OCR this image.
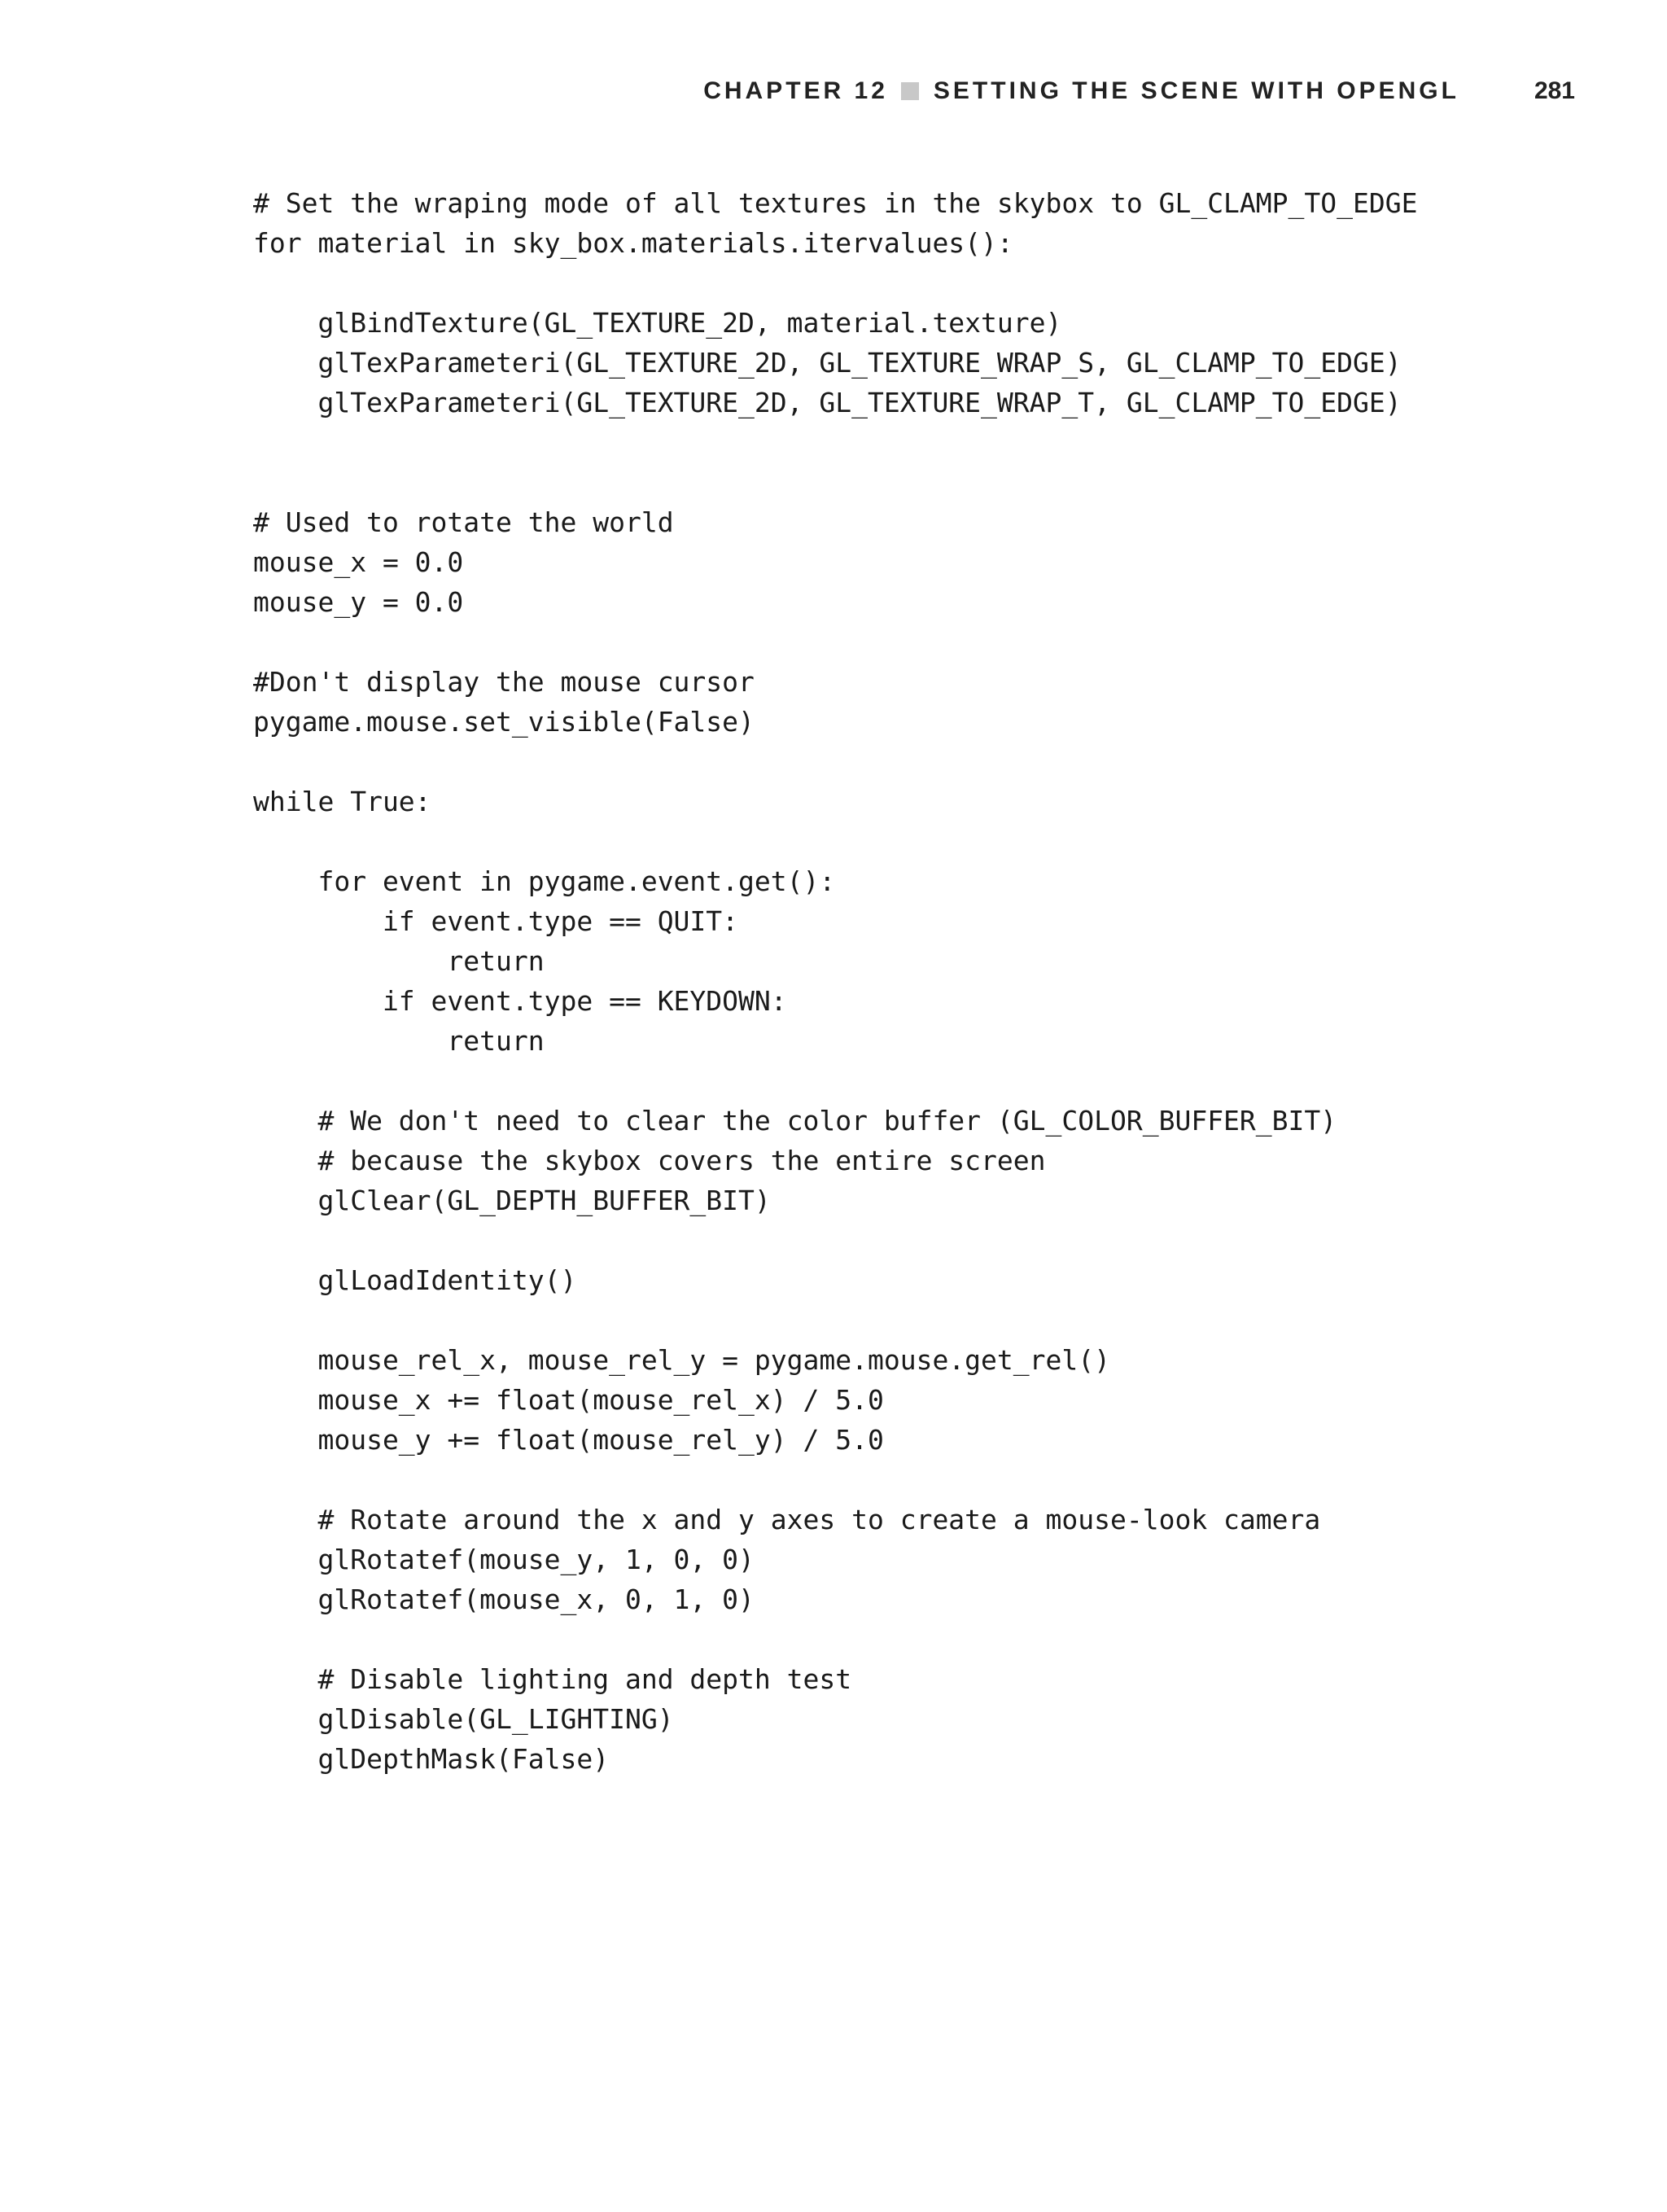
CHAPTER 12 SETTING THE SCENE WITH OPENGL	281
# Set the wraping mode of all textures in the skybox to GL_CLAMP_TO_EDGE
for material in sky_box.materials.itervalues():
glBindTexture(GL_TEXTURE_2D, material.texture)
glTexParameteri(GL_TEXTURE_2D, GL_TEXTURE_WRAP_S, GL_CLAMP_TO_EDGE)
glTexParameteri(GL_TEXTURE_2D, GL_TEXTURE_WRAP_T, GL_CLAMP_TO_EDGE)
# Used to rotate the world
mouse_x = 0.0
mouse_y = 0.0
#Don't display the mouse cursor
pygame.mouse.set_visible(False)
while True:
for event in pygame.event.get():
if event.type == QUIT:
return
if event.type == KEYDOWN:
return
# We don't need to clear the color buffer (GL_COLOR_BUFFER_BIT)
# because the skybox covers the entire screen
glClear(GL_DEPTH_BUFFER_BIT)
glLoadIdentity()
mouse_rel_x, mouse_rel_y = pygame.mouse.get_rel()
mouse_x += float(mouse_rel_x) / 5.0
mouse_y += float(mouse_rel_y) / 5.0
# Rotate around the x and y axes to create a mouse-look camera
glRotatef(mouse_y, 1, 0, 0)
glRotatef(mouse_x, 0, 1, 0)
# Disable lighting and depth test
glDisable(GL_LIGHTING)
glDepthMask(False)
